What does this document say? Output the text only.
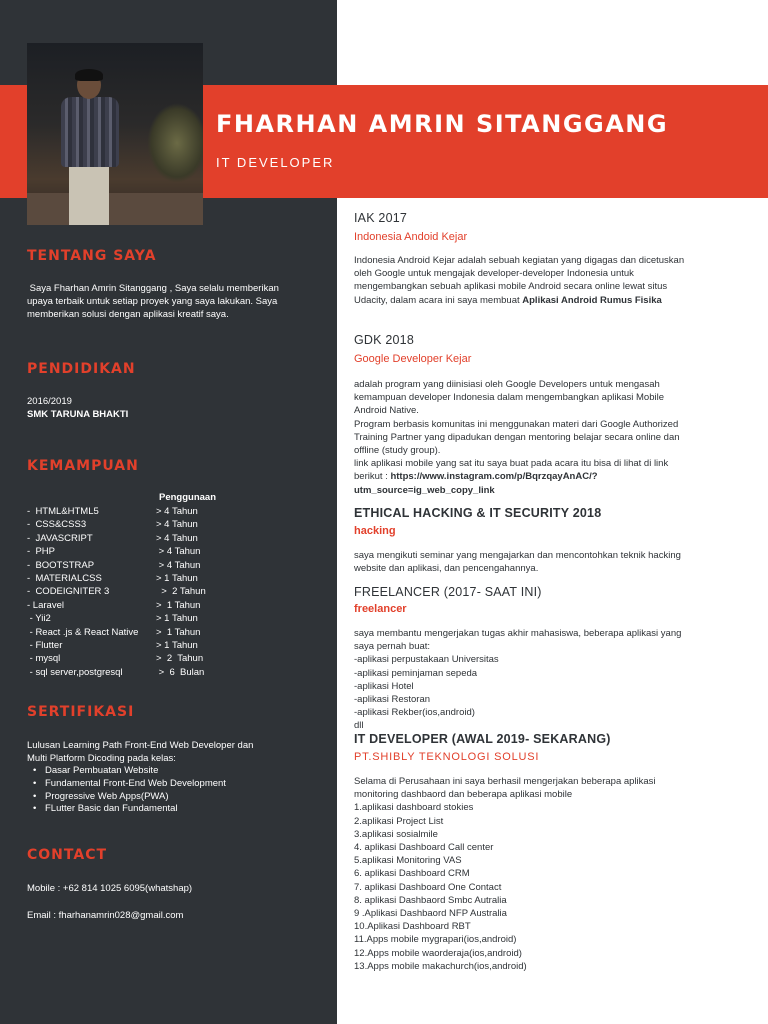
FHARHAN AMRIN SITANGGANG
IT DEVELOPER
TENTANG SAYA
Saya Fharhan Amrin Sitanggang , Saya selalu memberikan
upaya terbaik untuk setiap proyek yang saya lakukan. Saya
memberikan solusi dengan aplikasi kreatif saya.
PENDIDIKAN
2016/2019
SMK TARUNA BHAKTI
KEMAMPUAN
Penggunaan
-  HTML&HTML5	> 4 Tahun
-  CSS&CSS3	> 4 Tahun
-  JAVASCRIPT	> 4 Tahun
-  PHP	> 4 Tahun
-  BOOTSTRAP	> 4 Tahun
-  MATERIALCSS	> 1 Tahun
-  CODEIGNITER 3	>  2 Tahun
- Laravel	>  1 Tahun
- Yii2	> 1 Tahun
- React .js & React Native >  1 Tahun
- Flutter	> 1 Tahun
- mysql	>  2  Tahun
- sql server,postgresql	>  6  Bulan
SERTIFIKASI
Lulusan Learning Path Front-End Web Developer dan
Multi Platform Dicoding pada kelas:
• Dasar Pembuatan Website
• Fundamental Front-End Web Development
• Progressive Web Apps(PWA)
• FLutter Basic dan Fundamental
CONTACT
Mobile : +62 814 1025 6095(whatshap)
Email : fharhanamrin028@gmail.com
IAK 2017
Indonesia Andoid Kejar
Indonesia Android Kejar adalah sebuah kegiatan yang digagas dan dicetuskan
oleh Google untuk mengajak developer-developer Indonesia untuk
mengembangkan sebuah aplikasi mobile Android secara online lewat situs
Udacity, dalam acara ini saya membuat Aplikasi Android Rumus Fisika
GDK 2018
Google Developer Kejar
adalah program yang diinisiasi oleh Google Developers untuk mengasah
kemampuan developer Indonesia dalam mengembangkan aplikasi Mobile
Android Native.
Program berbasis komunitas ini menggunakan materi dari Google Authorized
Training Partner yang dipadukan dengan mentoring belajar secara online dan
offline (study group).
link aplikasi mobile yang sat itu saya buat pada acara itu bisa di lihat di link
berikut : https://www.instagram.com/p/BqrzqayAnAC/?
utm_source=ig_web_copy_link
ETHICAL HACKING & IT SECURITY 2018
hacking
saya mengikuti seminar yang mengajarkan dan mencontohkan teknik hacking
website dan aplikasi, dan pencengahannya.
FREELANCER (2017- SAAT INI)
freelancer
saya membantu mengerjakan tugas akhir mahasiswa, beberapa aplikasi yang
saya pernah buat:
-aplikasi perpustakaan Universitas
-aplikasi peminjaman sepeda
-aplikasi Hotel
-aplikasi Restoran
-aplikasi Rekber(ios,android)
dll
IT DEVELOPER (AWAL 2019- SEKARANG)
PT.SHIBLY TEKNOLOGI SOLUSI
Selama di Perusahaan ini saya berhasil mengerjakan beberapa aplikasi
monitoring dashbaord dan beberapa aplikasi mobile
1.aplikasi dashboard stokies
2.aplikasi Project List
3.aplikasi sosialmile
4. aplikasi Dashboard Call center
5.aplikasi Monitoring VAS
6. aplikasi Dashboard CRM
7. aplikasi Dashboard One Contact
8. aplikasi Dashbaord Smbc Autralia
9 .Aplikasi Dashbaord NFP Australia
10.Aplikasi Dashboard RBT
11.Apps mobile mygrapari(ios,android)
12.Apps mobile waorderaja(ios,android)
13.Apps mobile makachurch(ios,android)
